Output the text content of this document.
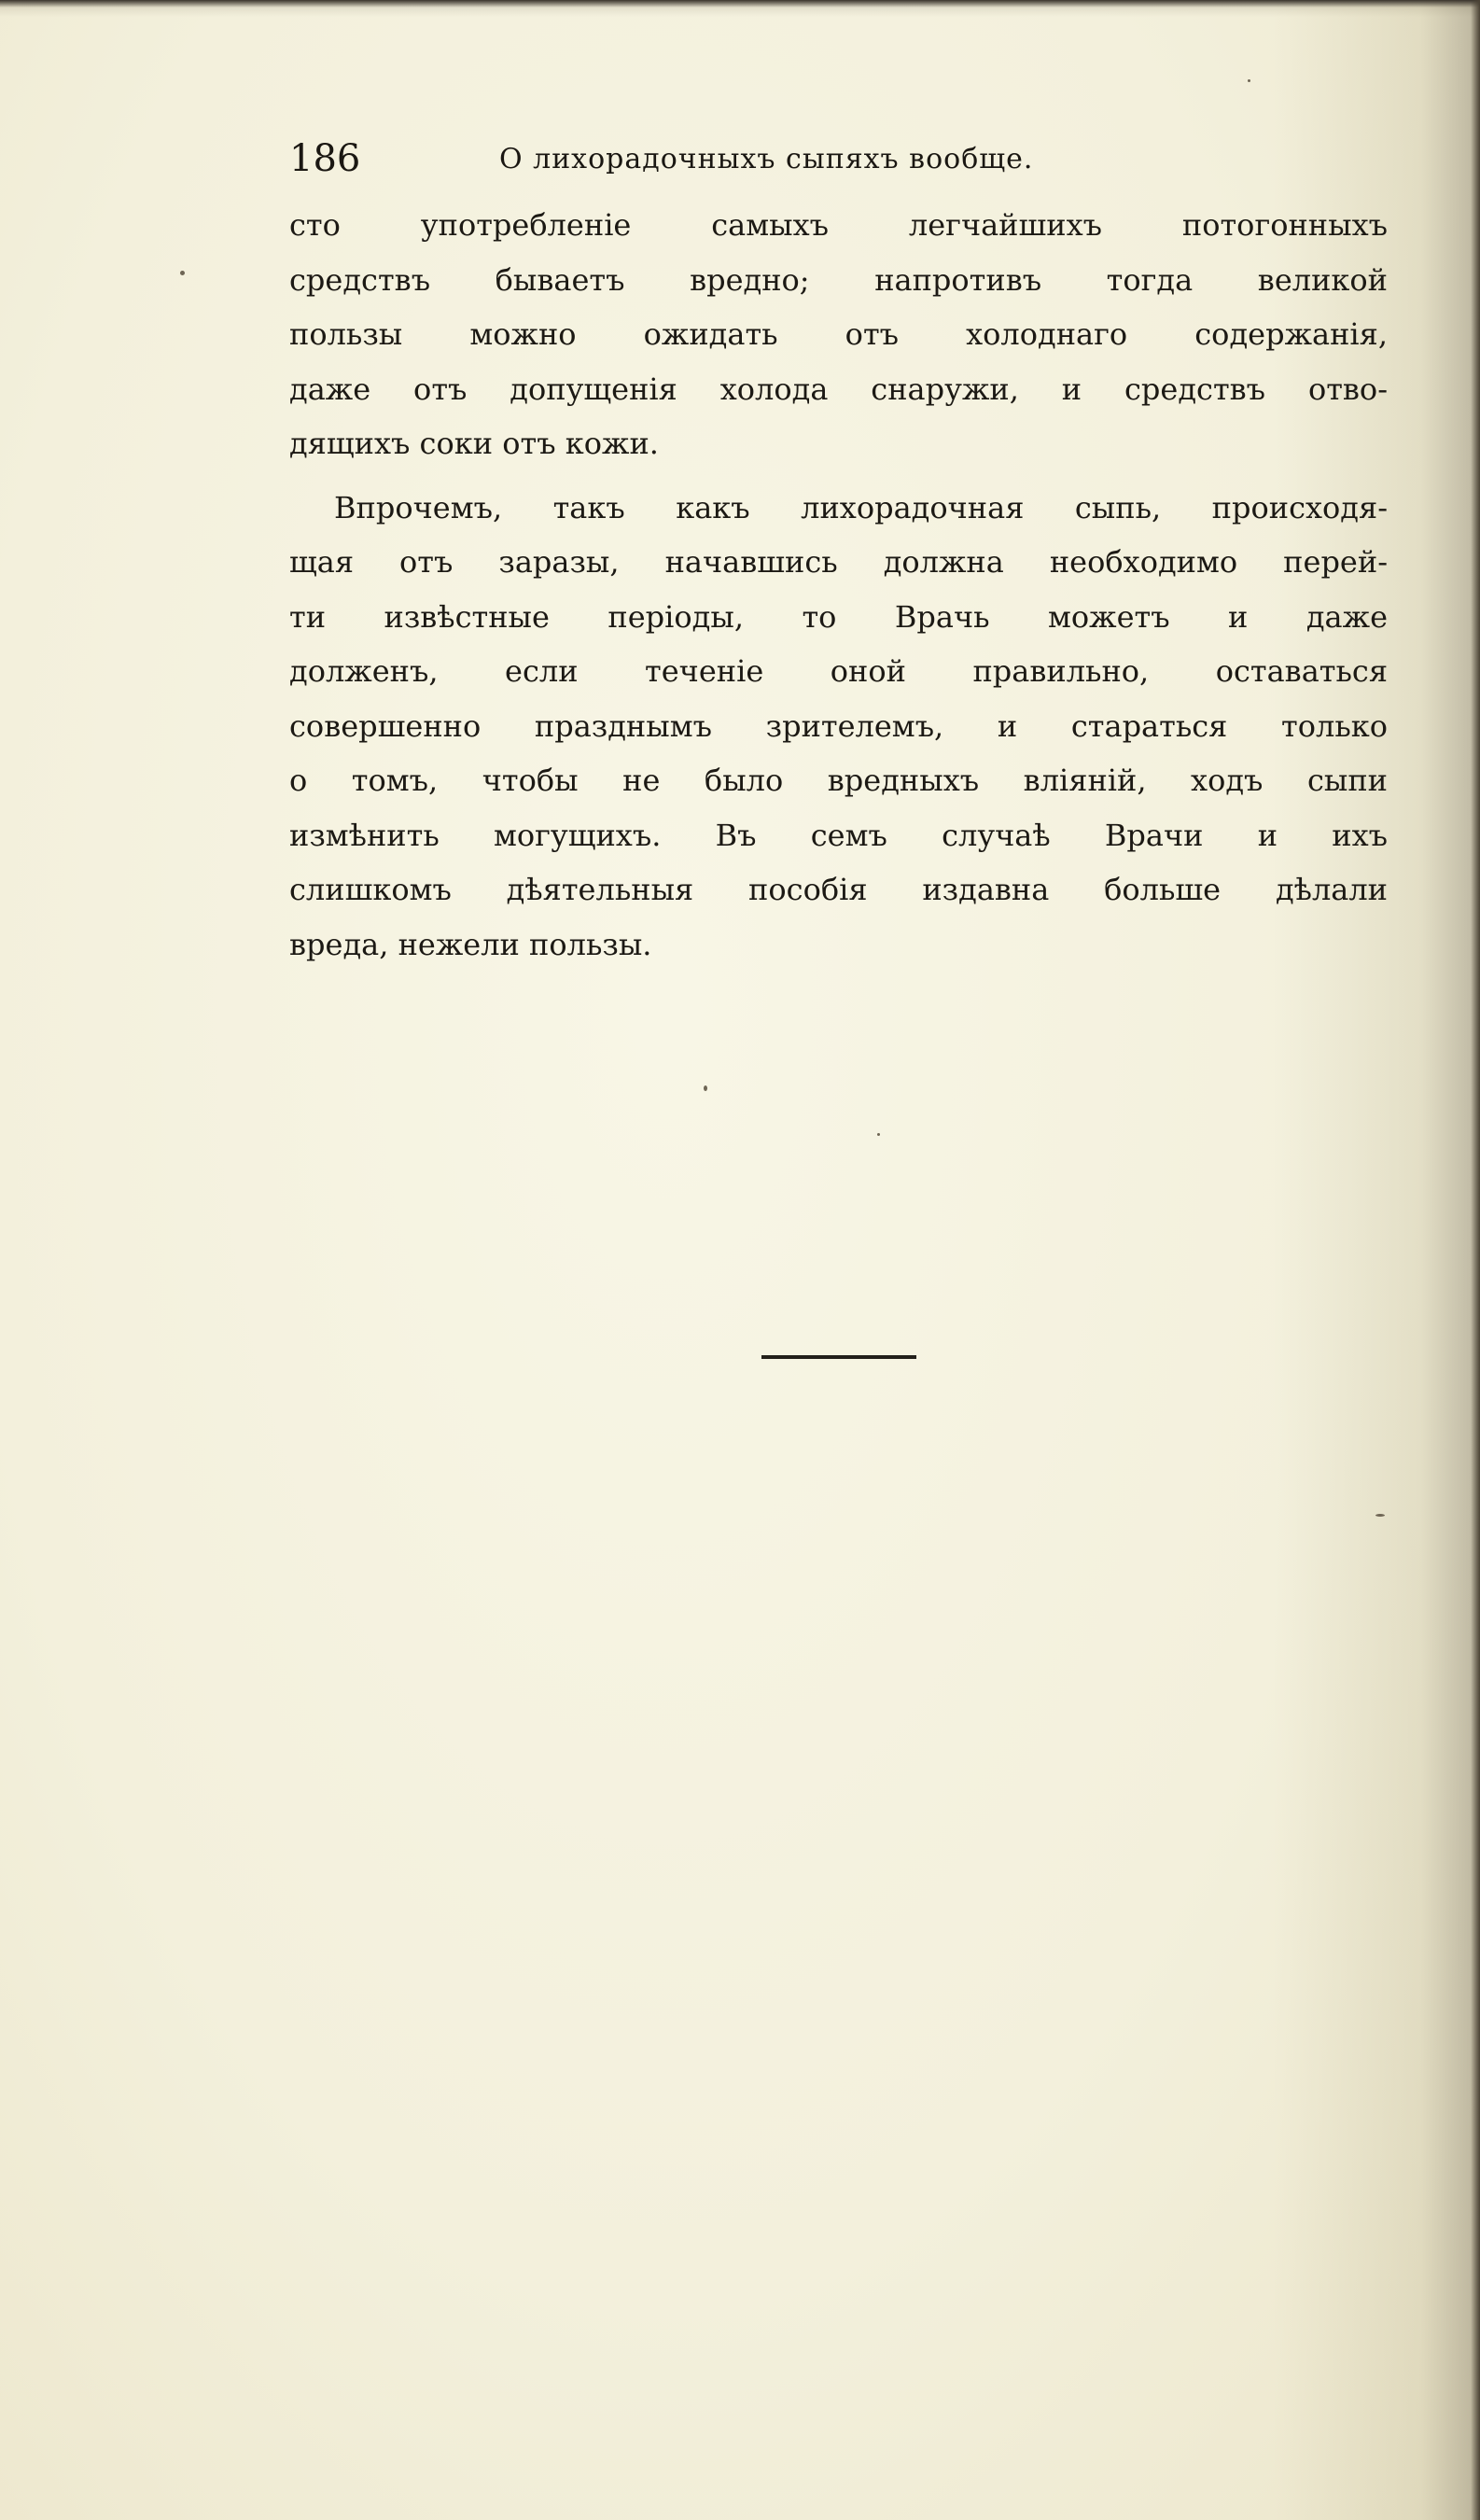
186	О лихорадочныхъ сыпяхъ вообще.
сто употребленіе самыхъ легчайшихъ потогонныхъ
средствъ бываетъ вредно; напротивъ тогда великой
пользы можно ожидать отъ холоднаго содержанія,
даже отъ допущенія холода снаружи, и средствъ отво-
дящихъ соки отъ кожи.
Впрочемъ, такъ какъ лихорадочная сыпь, происходя-
щая отъ заразы, начавшись должна необходимо перей-
ти извѣстные періоды, то Врачь можетъ и даже
долженъ, если теченіе оной правильно, оставаться
совершенно празднымъ зрителемъ, и стараться только
о томъ, чтобы не было вредныхъ вліяній, ходъ сыпи
измѣнить могущихъ. Въ семъ случаѣ Врачи и ихъ
слишкомъ дѣятельныя пособія издавна больше дѣлали
вреда, нежели пользы.
